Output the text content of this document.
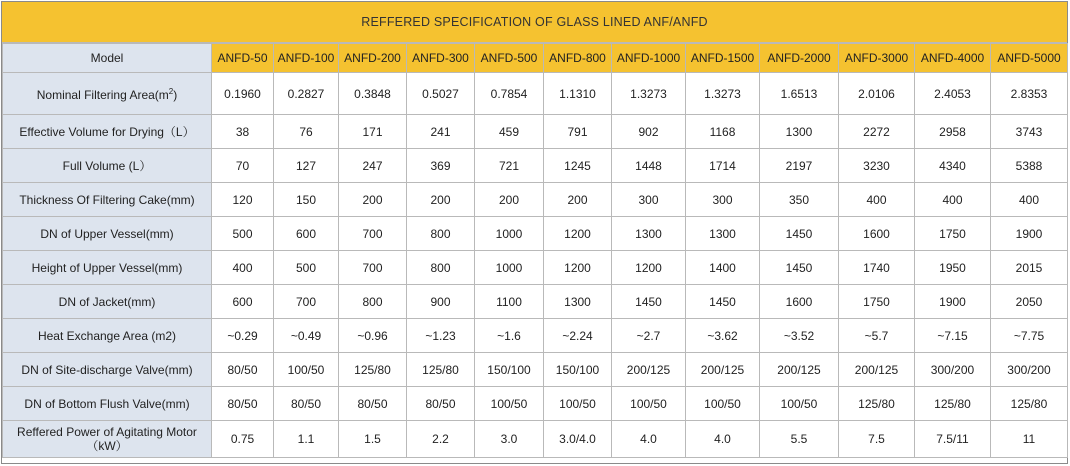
REFFERED SPECIFICATION OF GLASS LINED ANF/ANFD
Model	ANFD-50	ANFD-100	ANFD-200	ANFD-300	ANFD-500	ANFD-800	ANFD-1000	ANFD-1500	ANFD-2000	ANFD-3000	ANFD-4000	ANFD-5000
Nominal Filtering $Area(m^2)$	0.1960	0.2827	0.3848	0.5027	0.7854	1.1310	1.3273	1.3273	1.6513	2.0106	2.4053	2.8353
Effective Volume for Drying（L）	38	76	171	241	459	791	902	1168	1300	2272	2958	3743
Full Volume (L）	70	127	247	369	721	1245	1448	1714	2197	3230	4340	5388
Thickness Of Filtering Cake(mm)	120	150	200	200	200	200	300	300	350	400	400	400
DN of Upper Vessel(mm)	500	600	700	800	1000	1200	1300	1300	1450	1600	1750	1900
Height of Upper Vessel(mm)	400	500	700	800	1000	1200	1200	1400	1450	1740	1950	2015
DN of Jacket(mm)	600	700	800	900	1100	1300	1450	1450	1600	1750	1900	2050
Heat Exchange Area (m2)	~0.29	~0.49	~0.96	~1.23	~1.6	~2.24	~2.7	~3.62	~3.52	~5.7	~7.15	~7.75
DN of Site-discharge Valve(mm)	80/50	100/50	125/80	125/80	150/100	150/100	200/125	200/125	200/125	200/125	300/200	300/200
DN of Bottom Flush Valve(mm)	80/50	80/50	80/50	80/50	100/50	100/50	100/50	100/50	100/50	125/80	125/80	125/80
Reffered Power of Agitating Motor
（kW）	0.75	1.1	1.5	2.2	3.0	3.0/4.0	4.0	4.0	5.5	7.5	7.5/11	11
